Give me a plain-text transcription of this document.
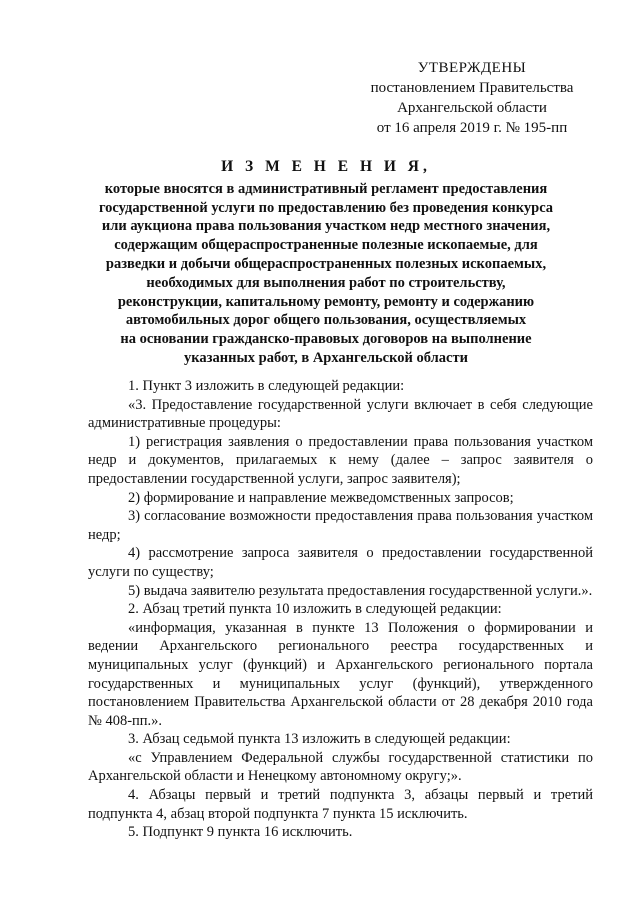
УТВЕРЖДЕНЫ
постановлением Правительства
Архангельской области
от 16 апреля 2019 г. № 195-пп
И З М Е Н Е Н И Я,
которые вносятся в административный регламент предоставления
государственной услуги по предоставлению без проведения конкурса
или аукциона права пользования участком недр местного значения,
содержащим общераспространенные полезные ископаемые, для
разведки и добычи общераспространенных полезных ископаемых,
необходимых для выполнения работ по строительству,
реконструкции, капитальному ремонту, ремонту и содержанию
автомобильных дорог общего пользования, осуществляемых
на основании гражданско-правовых договоров на выполнение
указанных работ, в Архангельской области

1. Пункт 3 изложить в следующей редакции:

«3. Предоставление государственной услуги включает в себя следующие административные процедуры:

1) регистрация заявления о предоставлении права пользования участком недр и документов, прилагаемых к нему (далее – запрос заявителя о предоставлении государственной услуги, запрос заявителя);

2) формирование и направление межведомственных запросов;

3) согласование возможности предоставления права пользования участком недр;

4) рассмотрение запроса заявителя о предоставлении государственной услуги по существу;

5) выдача заявителю результата предоставления государственной услуги.».

2. Абзац третий пункта 10 изложить в следующей редакции:

«информация, указанная в пункте 13 Положения о формировании и ведении Архангельского регионального реестра государственных и муниципальных услуг (функций) и Архангельского регионального портала государственных и муниципальных услуг (функций), утвержденного постановлением Правительства Архангельской области от 28 декабря 2010 года № 408-пп.».

3. Абзац седьмой пункта 13 изложить в следующей редакции:

«с Управлением Федеральной службы государственной статистики по Архангельской области и Ненецкому автономному округу;».

4. Абзацы первый и третий подпункта 3, абзацы первый и третий подпункта 4, абзац второй подпункта 7 пункта 15 исключить.

5. Подпункт 9 пункта 16 исключить.
